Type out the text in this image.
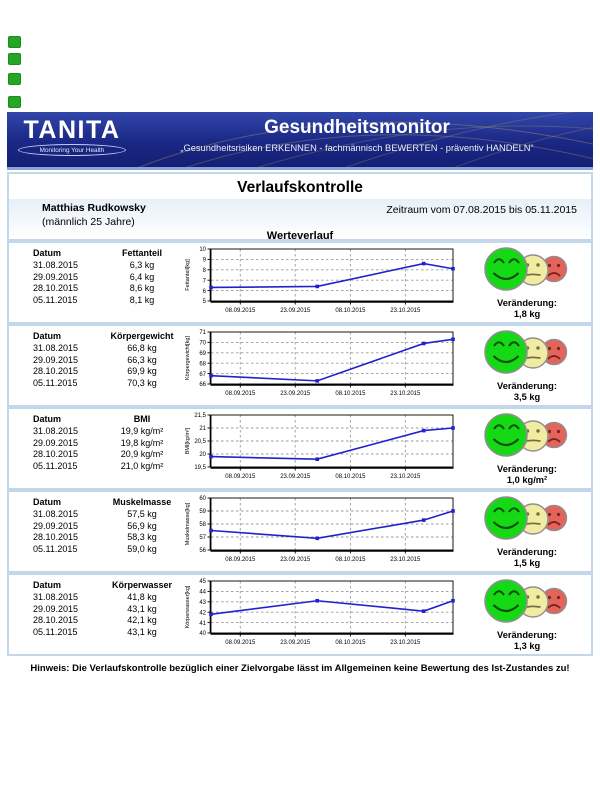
TANITA
Monitoring Your Health
Gesundheitsmonitor
„Gesundheitsrisiken ERKENNEN - fachmännisch BEWERTEN - präventiv HANDELN“
Verlaufskontrolle
Matthias Rudkowsky
(männlich 25 Jahre)
Zeitraum vom 07.08.2015 bis 05.11.2015
Werteverlauf
Datum	Fettanteil
31.08.2015	6,3 kg
29.09.2015	6,4 kg
28.10.2015	8,6 kg
05.11.2015	8,1 kg	5
6
7
8
9
10
08.09.2015	23.09.2015	08.10.2015	23.10.2015
Fettanteil[kg]
Veränderung:
1,8 kg
Datum	Körpergewicht
31.08.2015	66,8 kg
29.09.2015	66,3 kg
28.10.2015	69,9 kg
05.11.2015	70,3 kg	66
67
68
69
70
71
08.09.2015	23.09.2015	08.10.2015	23.10.2015
Körpergewicht[kg]
Veränderung:
3,5 kg
Datum	BMI
31.08.2015	19,9 kg/m²
29.09.2015	19,8 kg/m²
28.10.2015	20,9 kg/m²
05.11.2015	21,0 kg/m²	19,5
20
20,5
21
21,5
08.09.2015	23.09.2015	08.10.2015	23.10.2015
BMI[kg/m²]
Veränderung:
1,0 kg/m²
Datum	Muskelmasse
31.08.2015	57,5 kg
29.09.2015	56,9 kg
28.10.2015	58,3 kg
05.11.2015	59,0 kg	56
57
58
59
60
08.09.2015	23.09.2015	08.10.2015	23.10.2015
Muskelmasse[kg]
Veränderung:
1,5 kg
Datum	Körperwasser
31.08.2015	41,8 kg
29.09.2015	43,1 kg
28.10.2015	42,1 kg
05.11.2015	43,1 kg	40
41
42
43
44
45
08.09.2015	23.09.2015	08.10.2015	23.10.2015
Körperwasser[kg]
Veränderung:
1,3 kg
Hinweis: Die Verlaufskontrolle bezüglich einer Zielvorgabe lässt im Allgemeinen keine Bewertung des Ist-Zustandes zu!
